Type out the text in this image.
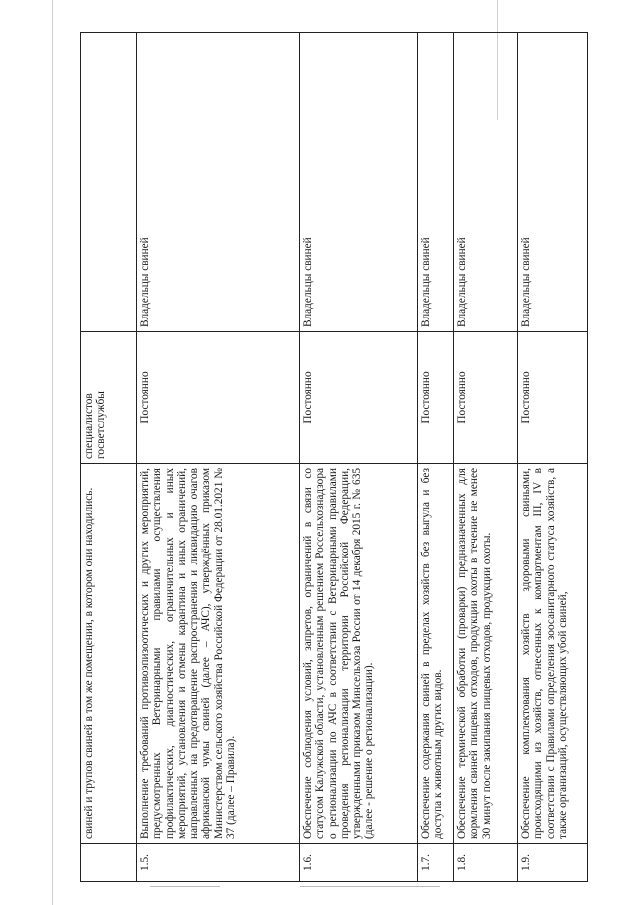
	свиней и трупов свиней в том же помещении, в котором они находились.	специалистов госветслужбы	
1.5.	Выполнение требований противоэпизоотических и других мероприятий, предусмотренных Ветеринарными правилами осуществления профилактических, диагностических, ограничительных и иных мероприятий, установления и отмены карантина и иных ограничений, направленных на предотвращение распространения и ликвидацию очагов африканской чумы свиней (далее – АЧС), утверждённых приказом Министерством сельского хозяйства Российской Федерации от 28.01.2021 № 37 (далее – Правила).	Постоянно	Владельцы свиней
1.6.	Обеспечение соблюдения условий, запретов, ограничений в связи со статусом Калужской области, установленным решением Россельхознадзора о регионализации по АЧС в соответствии с Ветеринарными правилами проведения регионализации территории Российской Федерации, утвержденными приказом Минсельхоза России от 14 декабря 2015 г. № 635 (далее - решение о регионализации).	Постоянно	Владельцы свиней
1.7.	Обеспечение содержания свиней в пределах хозяйств без выгула и без доступа к животным других видов.	Постоянно	Владельцы свиней
1.8.	Обеспечение термической обработки (проварки) предназначенных для кормления свиней пищевых отходов, продукции охоты в течение не менее 30 минут после закипания пищевых отходов, продукции охоты.	Постоянно	Владельцы свиней
1.9.	Обеспечение комплектования хозяйств здоровыми свиньями, происходящими из хозяйств, отнесенных к компартментам III, IV в соответствии с Правилами определения зоосанитарного статуса хозяйств, а также организаций, осуществляющих убой свиней,	Постоянно	Владельцы свиней
